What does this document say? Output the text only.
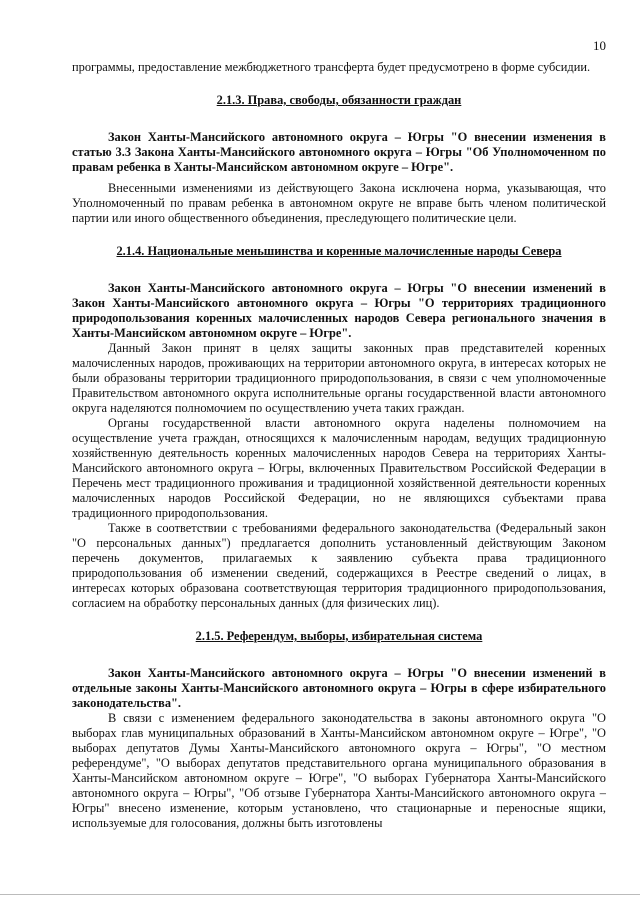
10

программы, предоставление межбюджетного трансферта будет предусмотрено в форме субсидии.

2.1.3. Права, свободы, обязанности граждан

Закон Ханты-Мансийского автономного округа – Югры "О внесении изменения в статью 3.3 Закона Ханты-Мансийского автономного округа – Югры "Об Уполномоченном по правам ребенка в Ханты-Мансийском автономном округе – Югре".

Внесенными изменениями из действующего Закона исключена норма, указывающая, что Уполномоченный по правам ребенка в автономном округе не вправе быть членом политической партии или иного общественного объединения, преследующего политические цели.

2.1.4. Национальные меньшинства и коренные малочисленные народы Севера

Закон Ханты-Мансийского автономного округа – Югры "О внесении изменений в Закон Ханты-Мансийского автономного округа – Югры "О территориях традиционного природопользования коренных малочисленных народов Севера регионального значения в Ханты-Мансийском автономном округе – Югре".

Данный Закон принят в целях защиты законных прав представителей коренных малочисленных народов, проживающих на территории автономного округа, в интересах которых не были образованы территории традиционного природопользования, в связи с чем уполномоченные Правительством автономного округа исполнительные органы государственной власти автономного округа наделяются полномочием по осуществлению учета таких граждан.

Органы государственной власти автономного округа наделены полномочием на осуществление учета граждан, относящихся к малочисленным народам, ведущих традиционную хозяйственную деятельность коренных малочисленных народов Севера на территориях Ханты-Мансийского автономного округа – Югры, включенных Правительством Российской Федерации в Перечень мест традиционного проживания и традиционной хозяйственной деятельности коренных малочисленных народов Российской Федерации, но не являющихся субъектами права традиционного природопользования.

Также в соответствии с требованиями федерального законодательства (Федеральный закон "О персональных данных") предлагается дополнить установленный действующим Законом перечень документов, прилагаемых к заявлению субъекта права традиционного природопользования об изменении сведений, содержащихся в Реестре сведений о лицах, в интересах которых образована соответствующая территория традиционного природопользования, согласием на обработку персональных данных (для физических лиц).

2.1.5. Референдум, выборы, избирательная система

Закон Ханты-Мансийского автономного округа – Югры "О внесении изменений в отдельные законы Ханты-Мансийского автономного округа – Югры в сфере избирательного законодательства".

В связи с изменением федерального законодательства в законы автономного округа "О выборах глав муниципальных образований в Ханты-Мансийском автономном округе – Югре", "О выборах депутатов Думы Ханты-Мансийского автономного округа – Югры", "О местном референдуме", "О выборах депутатов представительного органа муниципального образования в Ханты-Мансийском автономном округе – Югре", "О выборах Губернатора Ханты-Мансийского автономного округа – Югры", "Об отзыве Губернатора Ханты-Мансийского автономного округа – Югры" внесено изменение, которым установлено, что стационарные и переносные ящики, используемые для голосования, должны быть изготовлены
